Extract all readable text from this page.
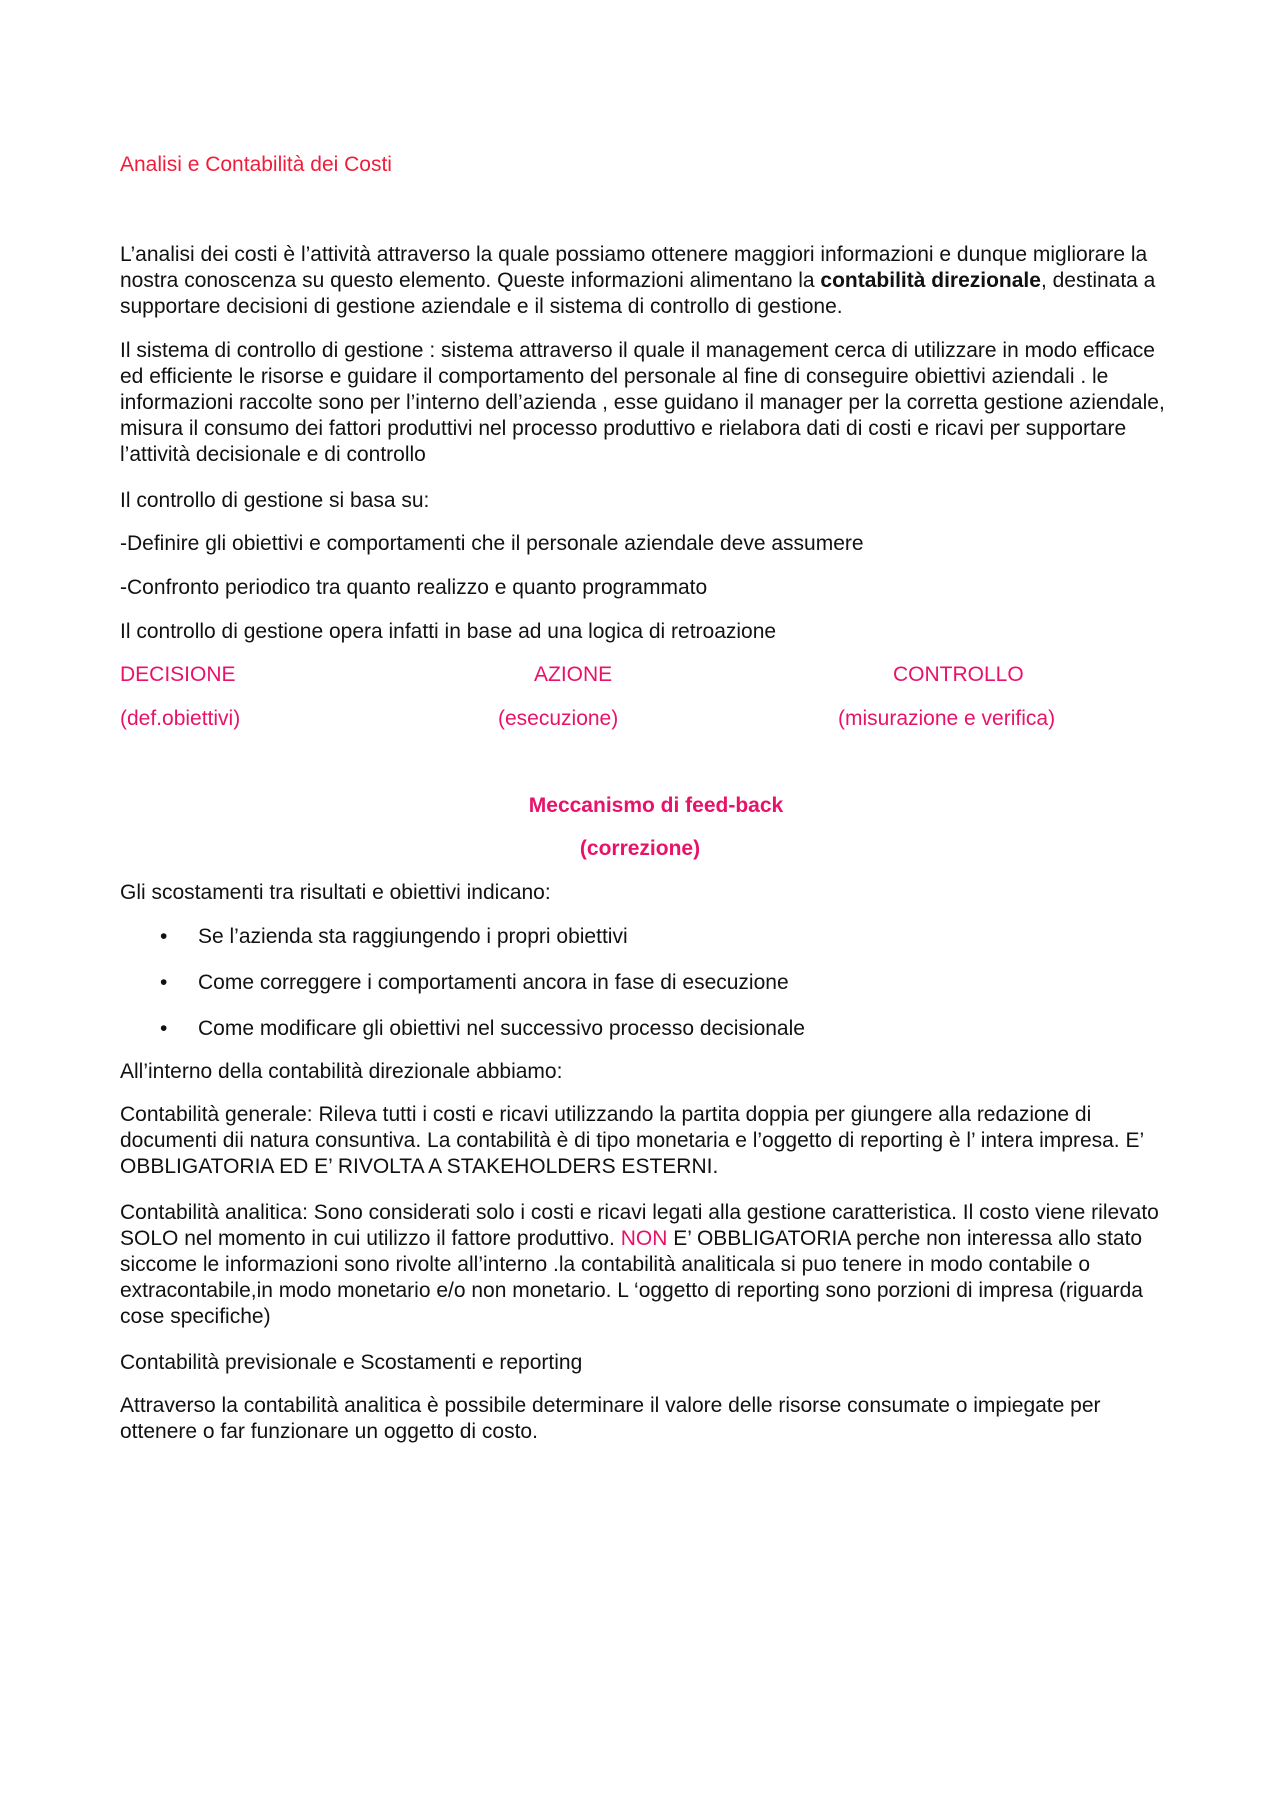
Analisi e Contabilità dei Costi

L’analisi dei costi è l’attività attraverso la quale possiamo ottenere maggiori informazioni e dunque migliorare la nostra conoscenza su questo elemento. Queste informazioni alimentano la contabilità direzionale, destinata a supportare decisioni di gestione aziendale e il sistema di controllo di gestione.

Il sistema di controllo di gestione : sistema attraverso il quale il management cerca di utilizzare in modo efficace ed efficiente le risorse e guidare il comportamento del personale al fine di conseguire obiettivi aziendali . le informazioni raccolte sono per l’interno dell’azienda , esse guidano il manager per la corretta gestione aziendale, misura il consumo dei fattori produttivi nel processo produttivo e rielabora dati di costi e ricavi per supportare l’attività decisionale e di controllo

Il controllo di gestione si basa su:

-Definire gli obiettivi e comportamenti che il personale aziendale deve assumere

-Confronto periodico tra quanto realizzo e quanto programmato

Il controllo di gestione opera infatti in base ad una logica di retroazione

DECISIONE	AZIONE	CONTROLLO

(def.obiettivi)	(esecuzione)	(misurazione e verifica)

Meccanismo di feed-back

(correzione)

Gli scostamenti tra risultati e obiettivi indicano:

• Se l’azienda sta raggiungendo i propri obiettivi

• Come correggere i comportamenti ancora in fase di esecuzione

• Come modificare gli obiettivi nel successivo processo decisionale

All’interno della contabilità direzionale abbiamo:

Contabilità generale: Rileva tutti i costi e ricavi utilizzando la partita doppia per giungere alla redazione di documenti dii natura consuntiva. La contabilità è di tipo monetaria e l’oggetto di reporting è l’ intera impresa. E’ OBBLIGATORIA ED E’ RIVOLTA A STAKEHOLDERS ESTERNI.

Contabilità analitica: Sono considerati solo i costi e ricavi legati alla gestione caratteristica. Il costo viene rilevato SOLO nel momento in cui utilizzo il fattore produttivo. NON E’ OBBLIGATORIA perche non interessa allo stato siccome le informazioni sono rivolte all’interno .la contabilità analiticala si puo tenere in modo contabile o extracontabile,in modo monetario e/o non monetario. L ‘oggetto di reporting sono porzioni di impresa (riguarda cose specifiche)

Contabilità previsionale e Scostamenti e reporting

Attraverso la contabilità analitica è possibile determinare il valore delle risorse consumate o impiegate per ottenere o far funzionare un oggetto di costo.
